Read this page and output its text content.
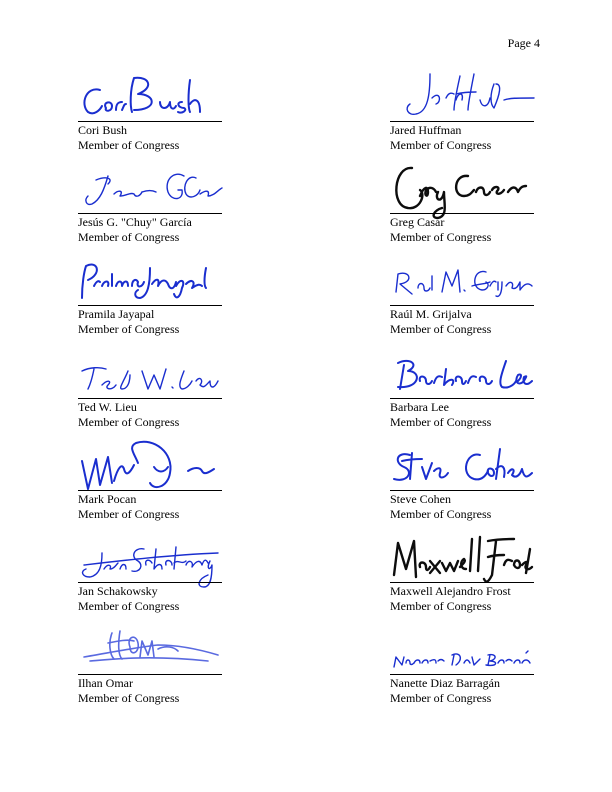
Page 4
Cori Bush
Member of Congress
Jared Huffman
Member of Congress
Jesús G. "Chuy" García
Member of Congress
Greg Casar
Member of Congress
Pramila Jayapal
Member of Congress
Raúl M. Grijalva
Member of Congress
Ted W. Lieu
Member of Congress
Barbara Lee
Member of Congress
Mark Pocan
Member of Congress
Steve Cohen
Member of Congress
Jan Schakowsky
Member of Congress
Maxwell Alejandro Frost
Member of Congress
Ilhan Omar
Member of Congress
Nanette Diaz Barragán
Member of Congress
